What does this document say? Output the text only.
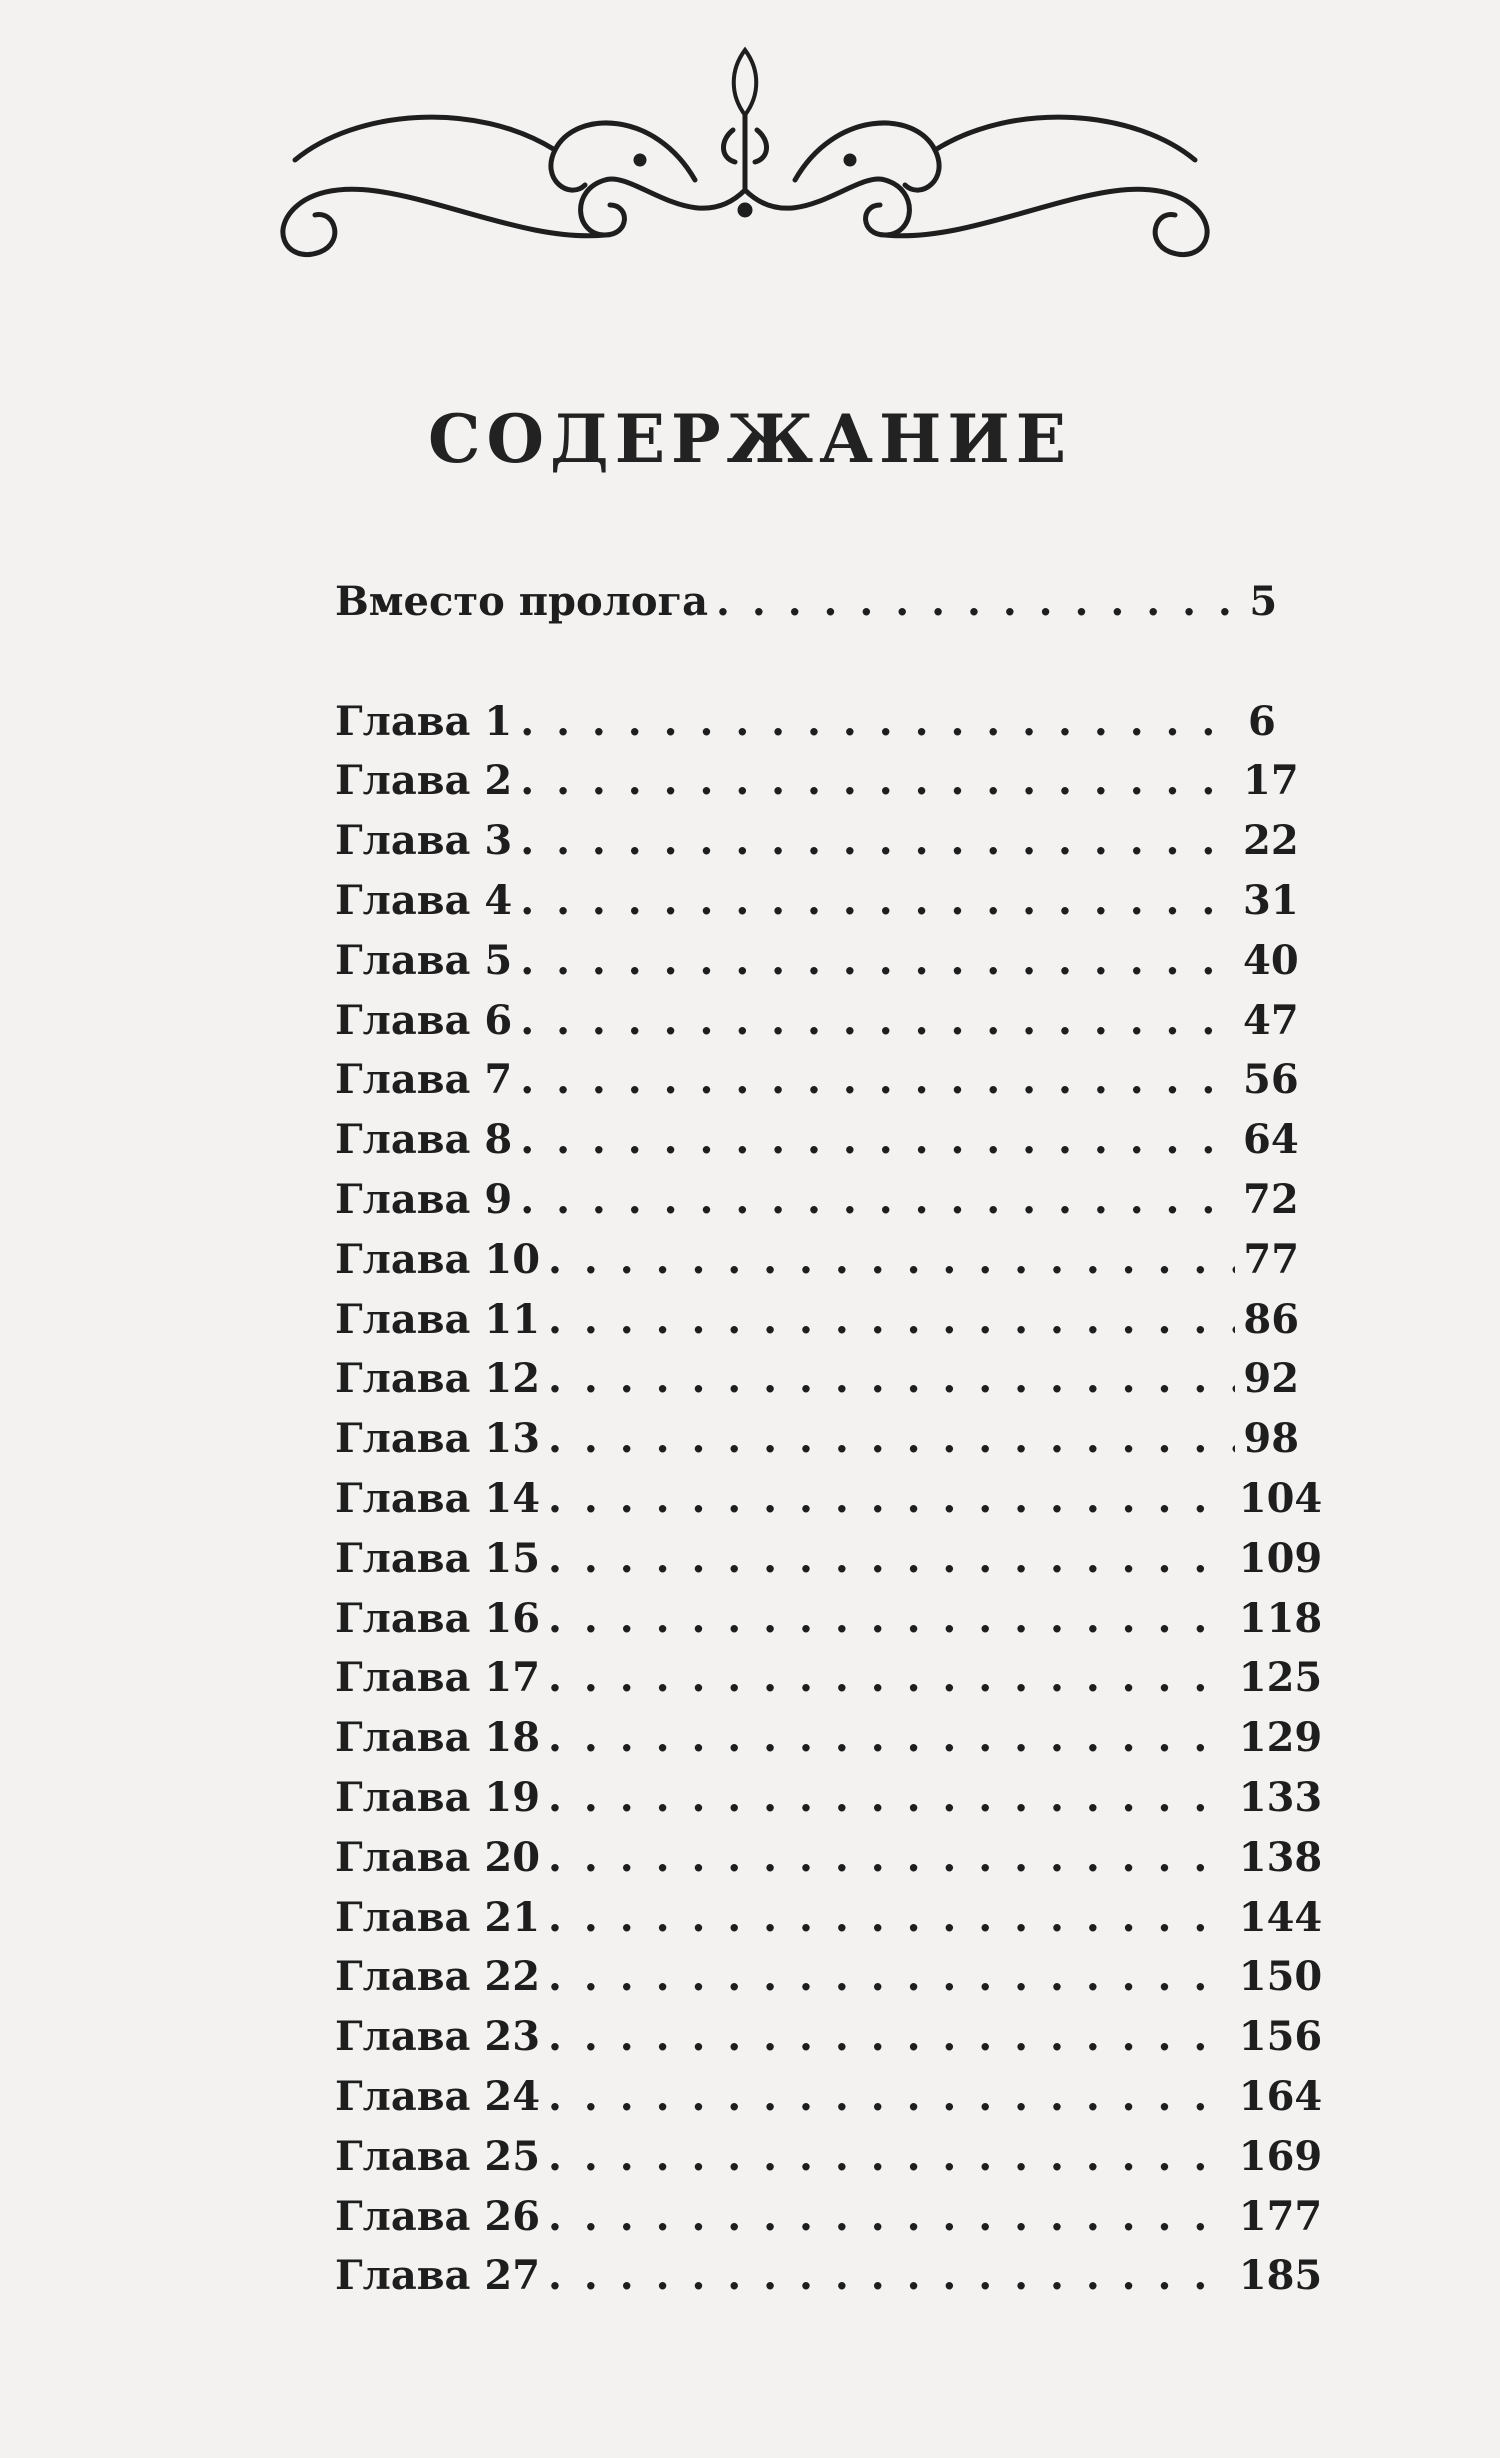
СОДЕРЖАНИЕ
Вместо пролога . . .	5
Глава 1 . . .	6
Глава 2 . . .	17
Глава 3 . . .	22
Глава 4 . . .	31
Глава 5 . . .	40
Глава 6 . . .	47
Глава 7 . . .	56
Глава 8 . . .	64
Глава 9 . . .	72
Глава 10 . . .	77
Глава 11 . . .	86
Глава 12 . . .	92
Глава 13 . . .	98
Глава 14 . . .	104
Глава 15 . . .	109
Глава 16 . . .	118
Глава 17 . . .	125
Глава 18 . . .	129
Глава 19 . . .	133
Глава 20 . . .	138
Глава 21 . . .	144
Глава 22 . . .	150
Глава 23 . . .	156
Глава 24 . . .	164
Глава 25 . . .	169
Глава 26 . . .	177
Глава 27 . . .	185
